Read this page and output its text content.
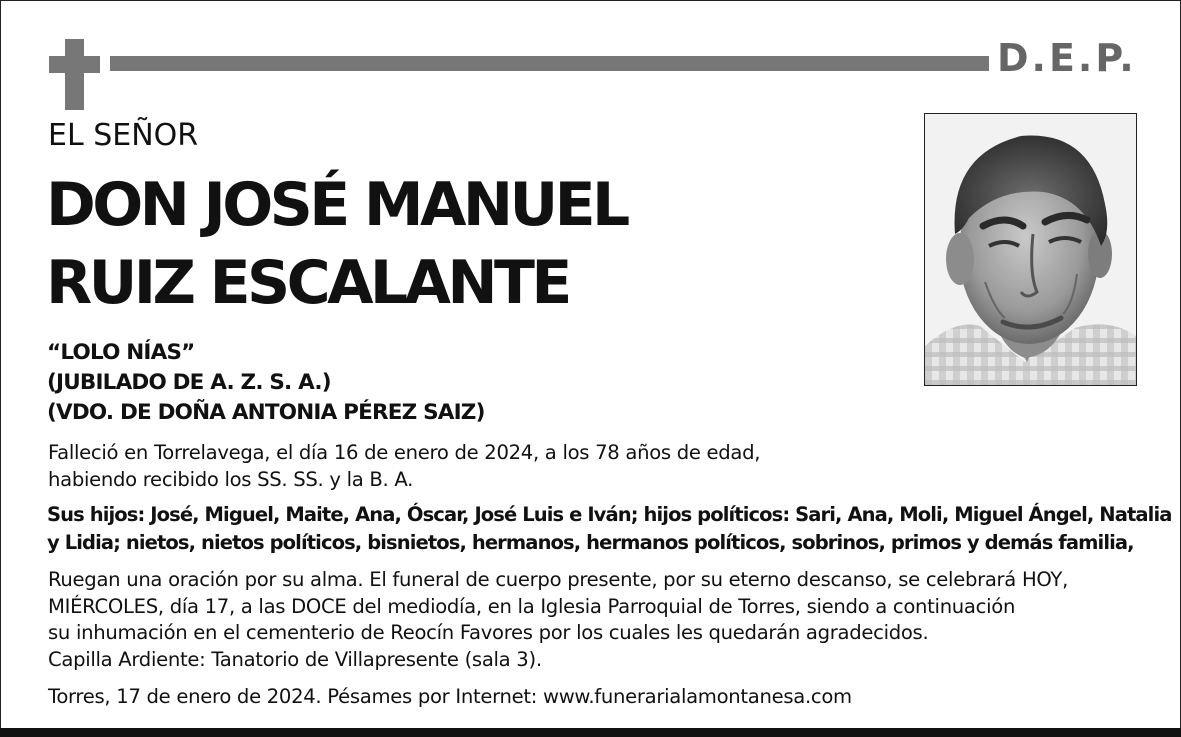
D.E.P.
EL SEÑOR
DON JOSÉ MANUEL
RUIZ ESCALANTE
“LOLO NÍAS”
(JUBILADO DE A. Z. S. A.)
(VDO. DE DOÑA ANTONIA PÉREZ SAIZ)
Falleció en Torrelavega, el día 16 de enero de 2024, a los 78 años de edad,
habiendo recibido los SS. SS. y la B. A.
Sus hijos: José, Miguel, Maite, Ana, Óscar, José Luis e Iván; hijos políticos: Sari, Ana, Moli, Miguel Ángel, Natalia
y Lidia; nietos, nietos políticos, bisnietos, hermanos, hermanos políticos, sobrinos, primos y demás familia,
Ruegan una oración por su alma. El funeral de cuerpo presente, por su eterno descanso, se celebrará HOY,
MIÉRCOLES, día 17, a las DOCE del mediodía, en la Iglesia Parroquial de Torres, siendo a continuación
su inhumación en el cementerio de Reocín Favores por los cuales les quedarán agradecidos.
Capilla Ardiente: Tanatorio de Villapresente (sala 3).
Torres, 17 de enero de 2024. Pésames por Internet: www.funerarialamontanesa.com
